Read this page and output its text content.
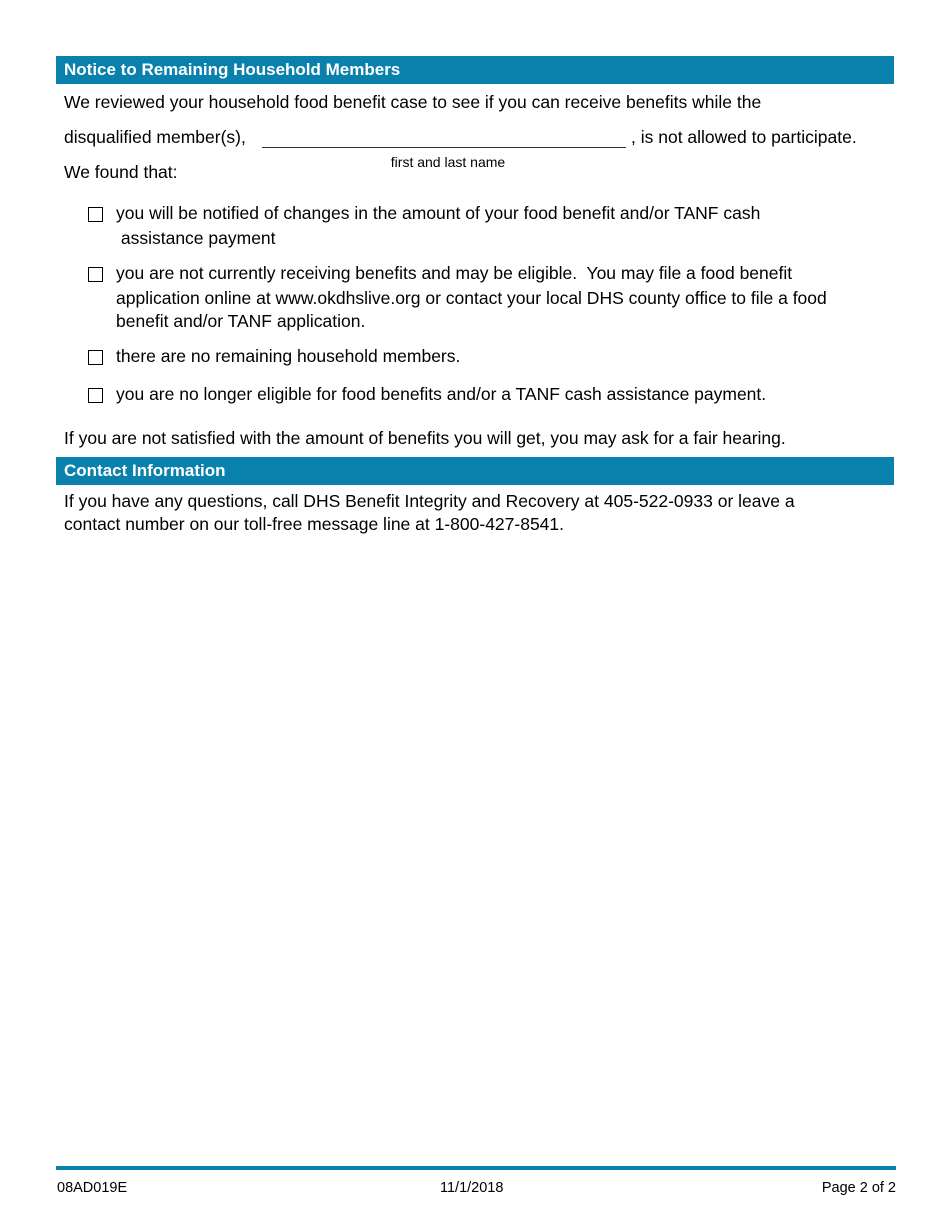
Notice to Remaining Household Members
We reviewed your household food benefit case to see if you can receive benefits while the
disqualified member(s),	, is not allowed to participate.
first and last name
We found that:
you will be notified of changes in the amount of your food benefit and/or TANF cash
assistance payment
you are not currently receiving benefits and may be eligible.  You may file a food benefit
application online at www.okdhslive.org or contact your local DHS county office to file a food
benefit and/or TANF application.
there are no remaining household members.
you are no longer eligible for food benefits and/or a TANF cash assistance payment.
If you are not satisfied with the amount of benefits you will get, you may ask for a fair hearing.
Contact Information
If you have any questions, call DHS Benefit Integrity and Recovery at 405-522-0933 or leave a
contact number on our toll-free message line at 1-800-427-8541.
08AD019E	11/1/2018	Page 2 of 2
